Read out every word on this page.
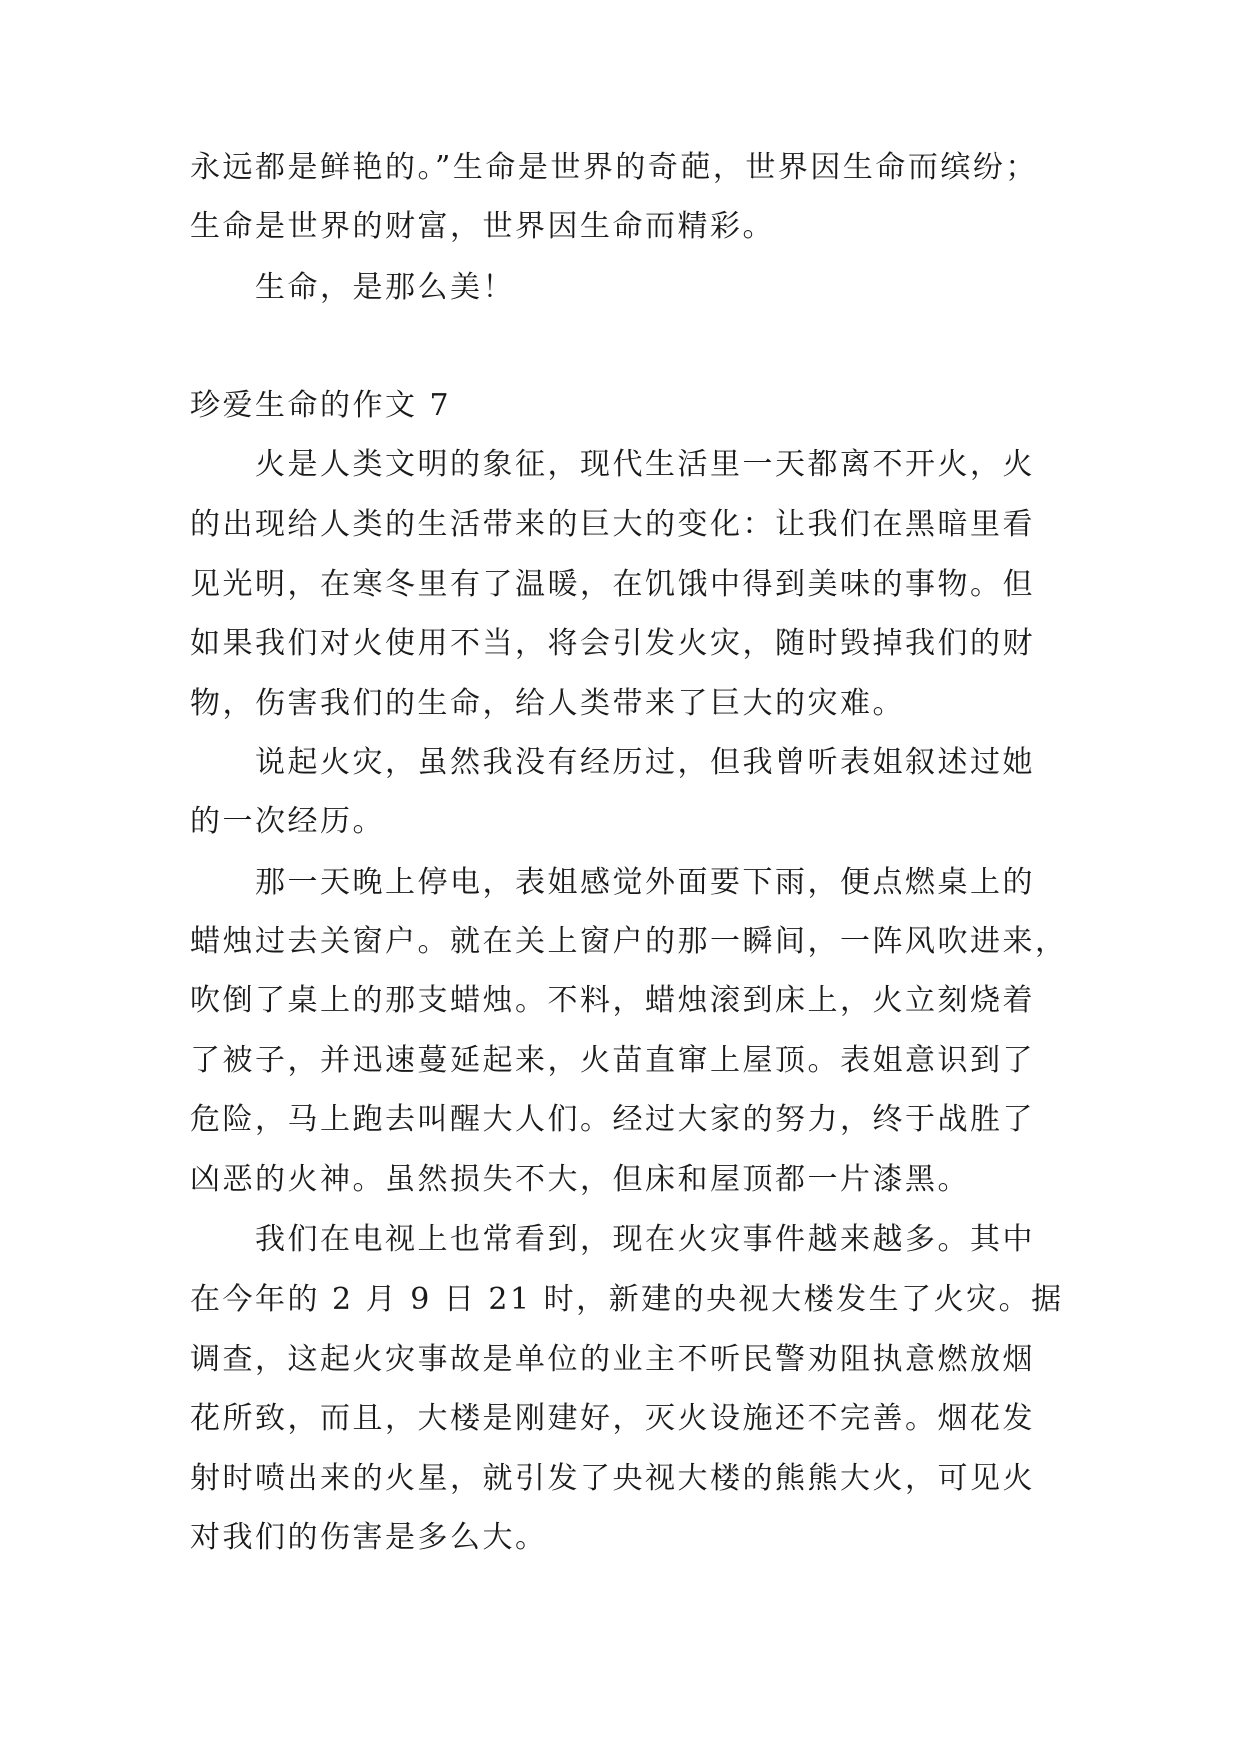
永远都是鲜艳的。”生命是世界的奇葩，世界因生命而缤纷；
生命是世界的财富，世界因生命而精彩。
生命，是那么美！
珍爱生命的作文 7
火是人类文明的象征，现代生活里一天都离不开火，火
的出现给人类的生活带来的巨大的变化：让我们在黑暗里看
见光明，在寒冬里有了温暖，在饥饿中得到美味的事物。但
如果我们对火使用不当，将会引发火灾，随时毁掉我们的财
物，伤害我们的生命，给人类带来了巨大的灾难。
说起火灾，虽然我没有经历过，但我曾听表姐叙述过她
的一次经历。
那一天晚上停电，表姐感觉外面要下雨，便点燃桌上的
蜡烛过去关窗户。就在关上窗户的那一瞬间，一阵风吹进来，
吹倒了桌上的那支蜡烛。不料，蜡烛滚到床上，火立刻烧着
了被子，并迅速蔓延起来，火苗直窜上屋顶。表姐意识到了
危险，马上跑去叫醒大人们。经过大家的努力，终于战胜了
凶恶的火神。虽然损失不大，但床和屋顶都一片漆黑。
我们在电视上也常看到，现在火灾事件越来越多。其中
在今年的 2 月 9 日 21 时，新建的央视大楼发生了火灾。据
调查，这起火灾事故是单位的业主不听民警劝阻执意燃放烟
花所致，而且，大楼是刚建好，灭火设施还不完善。烟花发
射时喷出来的火星，就引发了央视大楼的熊熊大火，可见火
对我们的伤害是多么大。
